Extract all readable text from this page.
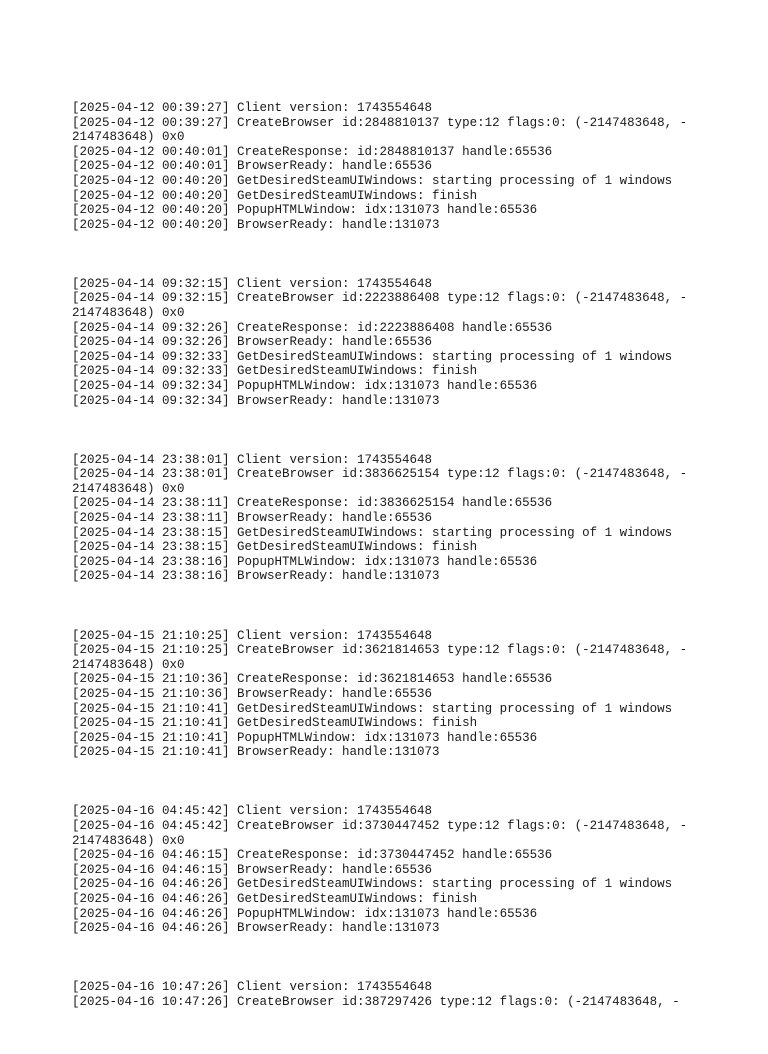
[2025-04-12 00:39:27] Client version: 1743554648
[2025-04-12 00:39:27] CreateBrowser id:2848810137 type:12 flags:0: (-2147483648, -
2147483648) 0x0
[2025-04-12 00:40:01] CreateResponse: id:2848810137 handle:65536
[2025-04-12 00:40:01] BrowserReady: handle:65536
[2025-04-12 00:40:20] GetDesiredSteamUIWindows: starting processing of 1 windows
[2025-04-12 00:40:20] GetDesiredSteamUIWindows: finish
[2025-04-12 00:40:20] PopupHTMLWindow: idx:131073 handle:65536
[2025-04-12 00:40:20] BrowserReady: handle:131073
[2025-04-14 09:32:15] Client version: 1743554648
[2025-04-14 09:32:15] CreateBrowser id:2223886408 type:12 flags:0: (-2147483648, -
2147483648) 0x0
[2025-04-14 09:32:26] CreateResponse: id:2223886408 handle:65536
[2025-04-14 09:32:26] BrowserReady: handle:65536
[2025-04-14 09:32:33] GetDesiredSteamUIWindows: starting processing of 1 windows
[2025-04-14 09:32:33] GetDesiredSteamUIWindows: finish
[2025-04-14 09:32:34] PopupHTMLWindow: idx:131073 handle:65536
[2025-04-14 09:32:34] BrowserReady: handle:131073
[2025-04-14 23:38:01] Client version: 1743554648
[2025-04-14 23:38:01] CreateBrowser id:3836625154 type:12 flags:0: (-2147483648, -
2147483648) 0x0
[2025-04-14 23:38:11] CreateResponse: id:3836625154 handle:65536
[2025-04-14 23:38:11] BrowserReady: handle:65536
[2025-04-14 23:38:15] GetDesiredSteamUIWindows: starting processing of 1 windows
[2025-04-14 23:38:15] GetDesiredSteamUIWindows: finish
[2025-04-14 23:38:16] PopupHTMLWindow: idx:131073 handle:65536
[2025-04-14 23:38:16] BrowserReady: handle:131073
[2025-04-15 21:10:25] Client version: 1743554648
[2025-04-15 21:10:25] CreateBrowser id:3621814653 type:12 flags:0: (-2147483648, -
2147483648) 0x0
[2025-04-15 21:10:36] CreateResponse: id:3621814653 handle:65536
[2025-04-15 21:10:36] BrowserReady: handle:65536
[2025-04-15 21:10:41] GetDesiredSteamUIWindows: starting processing of 1 windows
[2025-04-15 21:10:41] GetDesiredSteamUIWindows: finish
[2025-04-15 21:10:41] PopupHTMLWindow: idx:131073 handle:65536
[2025-04-15 21:10:41] BrowserReady: handle:131073
[2025-04-16 04:45:42] Client version: 1743554648
[2025-04-16 04:45:42] CreateBrowser id:3730447452 type:12 flags:0: (-2147483648, -
2147483648) 0x0
[2025-04-16 04:46:15] CreateResponse: id:3730447452 handle:65536
[2025-04-16 04:46:15] BrowserReady: handle:65536
[2025-04-16 04:46:26] GetDesiredSteamUIWindows: starting processing of 1 windows
[2025-04-16 04:46:26] GetDesiredSteamUIWindows: finish
[2025-04-16 04:46:26] PopupHTMLWindow: idx:131073 handle:65536
[2025-04-16 04:46:26] BrowserReady: handle:131073
[2025-04-16 10:47:26] Client version: 1743554648
[2025-04-16 10:47:26] CreateBrowser id:387297426 type:12 flags:0: (-2147483648, -
